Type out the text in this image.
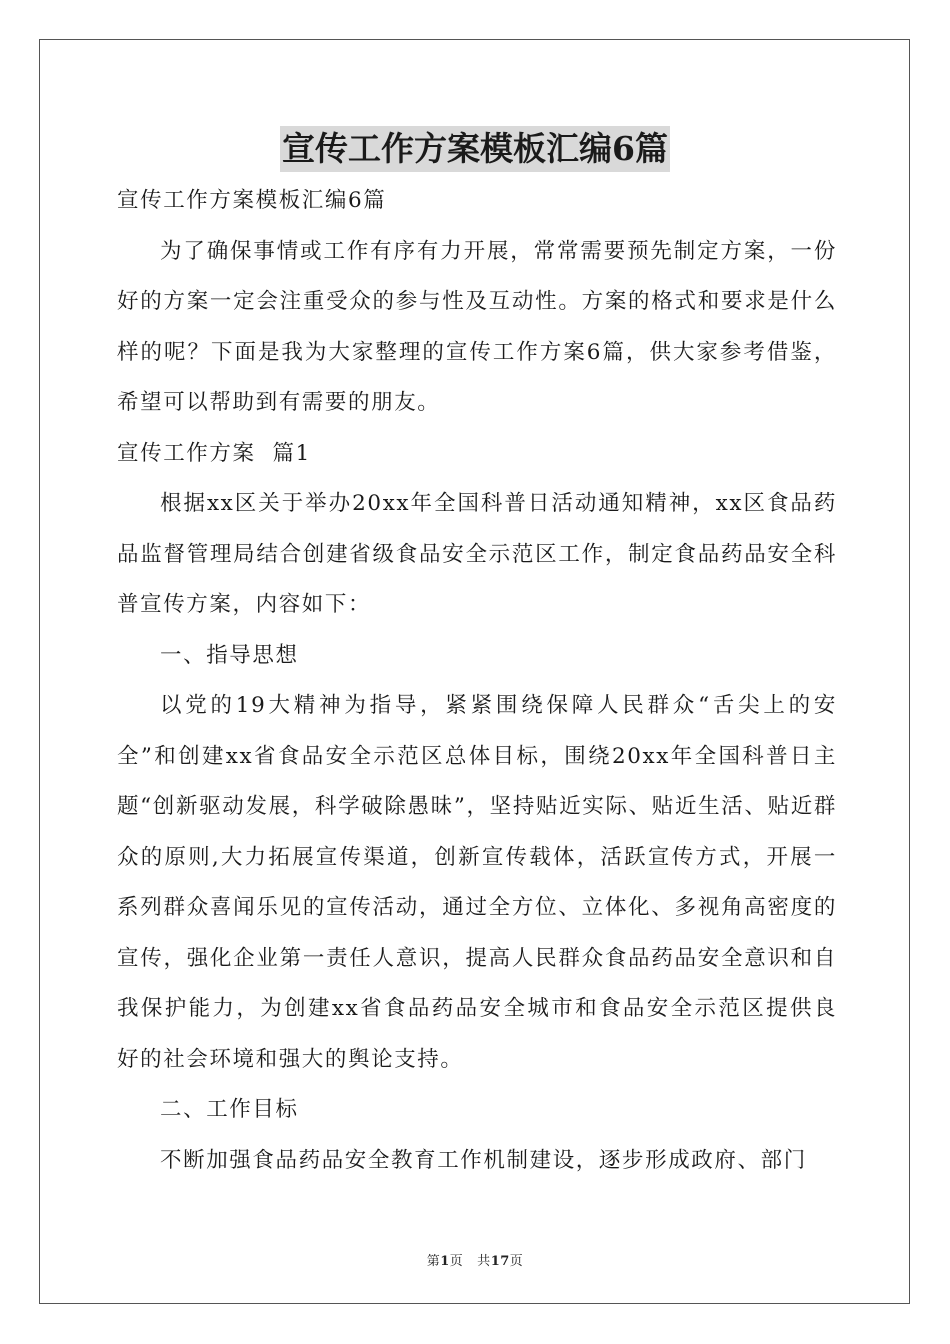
宣传工作方案模板汇编6篇

宣传工作方案模板汇编6篇

为了确保事情或工作有序有力开展，常常需要预先制定方案，一份好的方案一定会注重受众的参与性及互动性。方案的格式和要求是什么样的呢？下面是我为大家整理的宣传工作方案6篇，供大家参考借鉴，希望可以帮助到有需要的朋友。

宣传工作方案  篇1

根据xx区关于举办20xx年全国科普日活动通知精神，xx区食品药品监督管理局结合创建省级食品安全示范区工作，制定食品药品安全科普宣传方案，内容如下：

一、指导思想

以党的19大精神为指导，紧紧围绕保障人民群众“舌尖上的安全”和创建xx省食品安全示范区总体目标，围绕20xx年全国科普日主题“创新驱动发展，科学破除愚昧”，坚持贴近实际、贴近生活、贴近群众的原则,大力拓展宣传渠道，创新宣传载体，活跃宣传方式，开展一系列群众喜闻乐见的宣传活动，通过全方位、立体化、多视角高密度的宣传，强化企业第一责任人意识，提高人民群众食品药品安全意识和自我保护能力，为创建xx省食品药品安全城市和食品安全示范区提供良好的社会环境和强大的舆论支持。

二、工作目标

不断加强食品药品安全教育工作机制建设，逐步形成政府、部门

第1页 共17页
